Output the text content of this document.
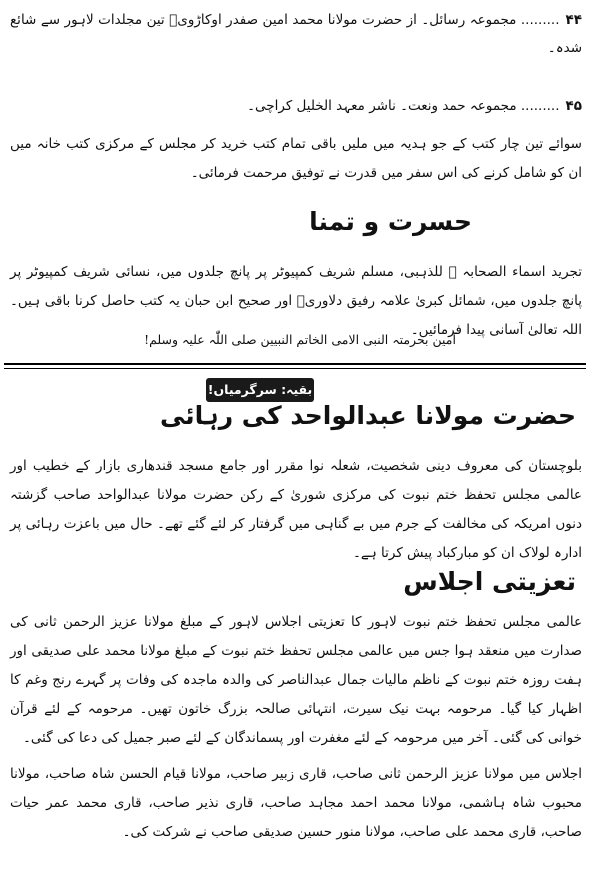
۴۴......... مجموعہ رسائل۔ از حضرت مولانا محمد امین صفدر اوکاڑویؒ تین مجلدات لاہور سے شائع شدہ۔
۴۵......... مجموعہ حمد ونعت۔ ناشر معہد الخلیل کراچی۔
سوائے تین چار کتب کے جو ہدیہ میں ملیں باقی تمام کتب خرید کر مجلس کے مرکزی کتب خانہ میں ان کو شامل کرنے کی اس سفر میں قدرت نے توفیق مرحمت فرمائی۔
حسرت و تمنا
تجرید اسماء الصحابہ ؓ للذہبی، مسلم شریف کمپیوٹر پر پانچ جلدوں میں، نسائی شریف کمپیوٹر پر پانچ جلدوں میں، شمائل کبریٰ علامہ رفیق دلاوریؒ اور صحیح ابن حبان یہ کتب حاصل کرنا باقی ہیں۔ اللہ تعالیٰ آسانی پیدا فرمائیں۔
آمین بحرمتہ النبی الامی الخاتم النبیین صلی اللّٰہ علیہ وسلم!
بقیہ: سرگرمیاں!
حضرت مولانا عبدالواحد کی رہائی
بلوچستان کی معروف دینی شخصیت، شعلہ نوا مقرر اور جامع مسجد قندھاری بازار کے خطیب اور عالمی مجلس تحفظ ختم نبوت کی مرکزی شوریٰ کے رکن حضرت مولانا عبدالواحد صاحب گزشتہ دنوں امریکہ کی مخالفت کے جرم میں بے گناہی میں گرفتار کر لئے گئے تھے۔ حال میں باعزت رہائی پر ادارہ لولاک ان کو مبارکباد پیش کرتا ہے۔
تعزیتی اجلاس
عالمی مجلس تحفظ ختم نبوت لاہور کا تعزیتی اجلاس لاہور کے مبلغ مولانا عزیز الرحمن ثانی کی صدارت میں منعقد ہوا جس میں عالمی مجلس تحفظ ختم نبوت کے مبلغ مولانا محمد علی صدیقی اور ہفت روزہ ختم نبوت کے ناظم مالیات جمال عبدالناصر کی والدہ ماجدہ کی وفات پر گہرے رنج وغم کا اظہار کیا گیا۔ مرحومہ بہت نیک سیرت، انتہائی صالحہ بزرگ خاتون تھیں۔ مرحومہ کے لئے قرآن خوانی کی گئی۔ آخر میں مرحومہ کے لئے مغفرت اور پسماندگان کے لئے صبر جمیل کی دعا کی گئی۔
اجلاس میں مولانا عزیز الرحمن ثانی صاحب، قاری زبیر صاحب، مولانا قیام الحسن شاہ صاحب، مولانا محبوب شاہ ہاشمی، مولانا محمد احمد مجاہد صاحب، قاری نذیر صاحب، قاری محمد عمر حیات صاحب، قاری محمد علی صاحب، مولانا منور حسین صدیقی صاحب نے شرکت کی۔
